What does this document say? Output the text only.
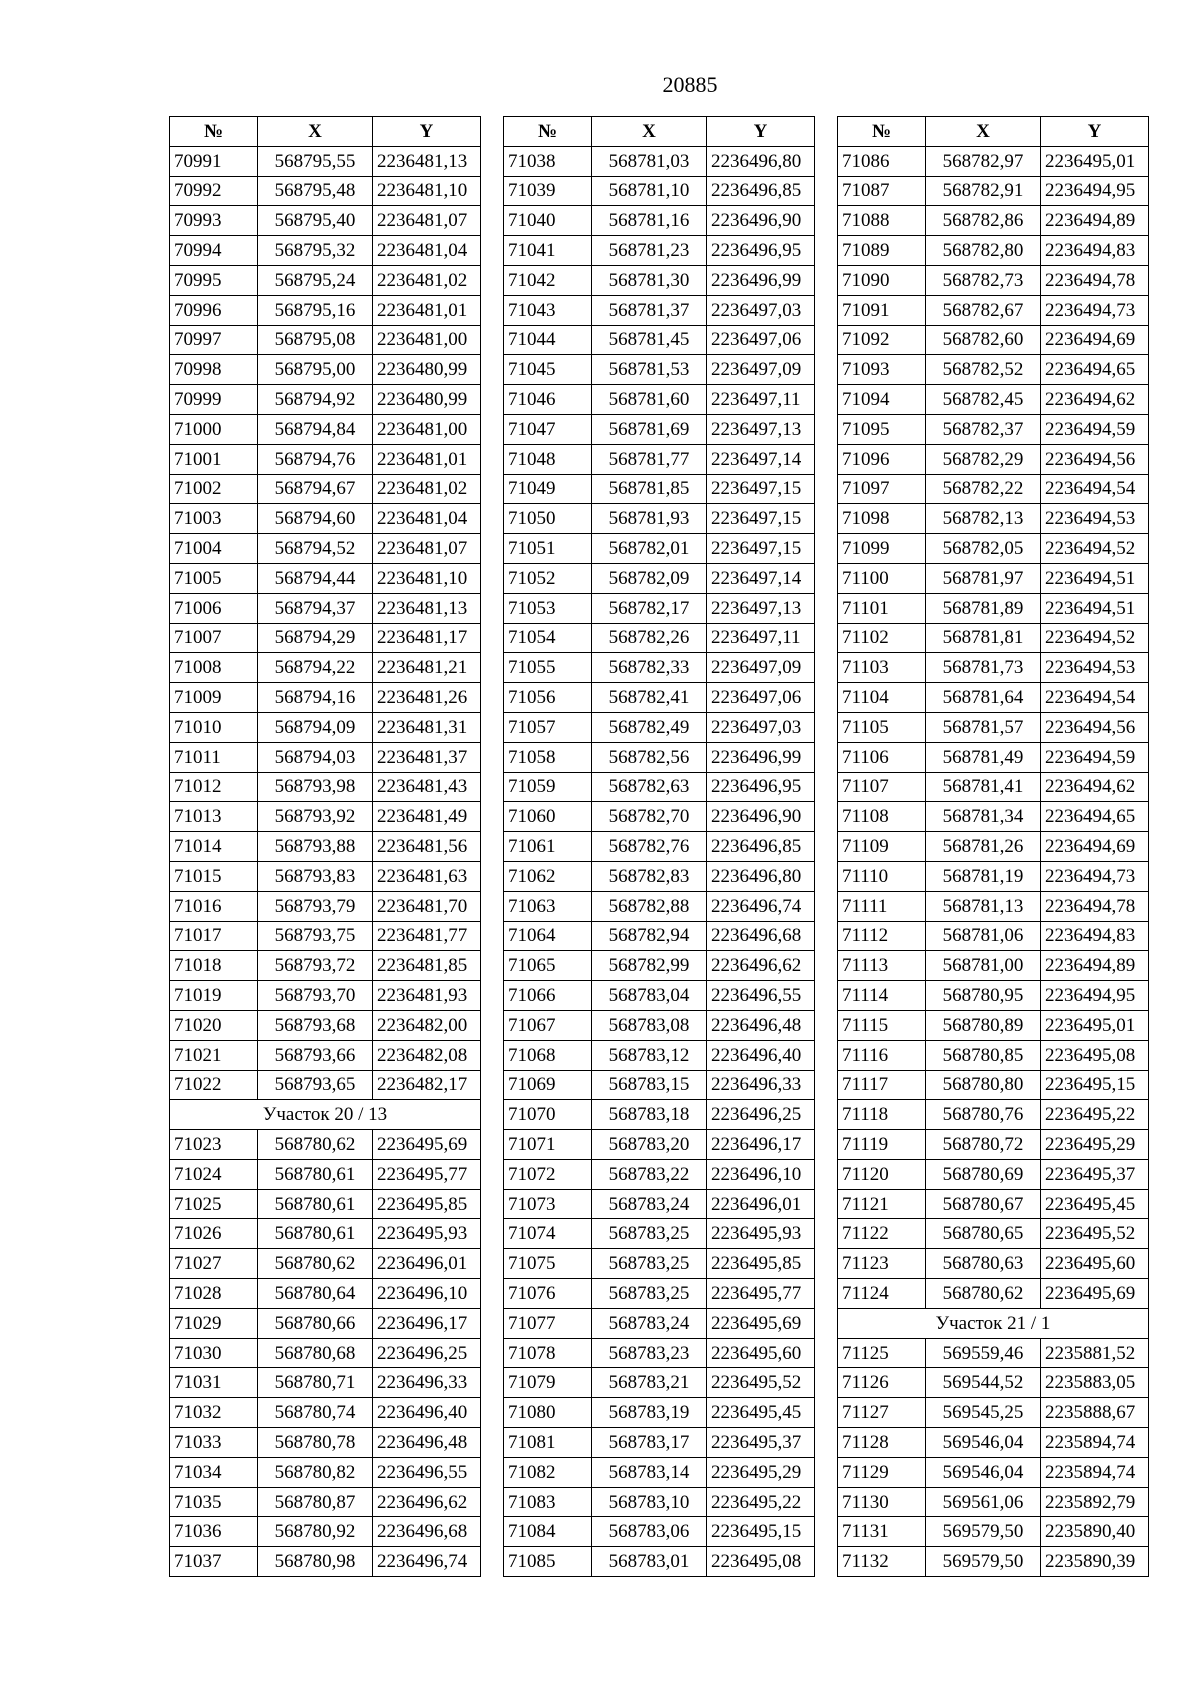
20885
№	X	Y
70991	568795,55	2236481,13
70992	568795,48	2236481,10
70993	568795,40	2236481,07
70994	568795,32	2236481,04
70995	568795,24	2236481,02
70996	568795,16	2236481,01
70997	568795,08	2236481,00
70998	568795,00	2236480,99
70999	568794,92	2236480,99
71000	568794,84	2236481,00
71001	568794,76	2236481,01
71002	568794,67	2236481,02
71003	568794,60	2236481,04
71004	568794,52	2236481,07
71005	568794,44	2236481,10
71006	568794,37	2236481,13
71007	568794,29	2236481,17
71008	568794,22	2236481,21
71009	568794,16	2236481,26
71010	568794,09	2236481,31
71011	568794,03	2236481,37
71012	568793,98	2236481,43
71013	568793,92	2236481,49
71014	568793,88	2236481,56
71015	568793,83	2236481,63
71016	568793,79	2236481,70
71017	568793,75	2236481,77
71018	568793,72	2236481,85
71019	568793,70	2236481,93
71020	568793,68	2236482,00
71021	568793,66	2236482,08
71022	568793,65	2236482,17
Участок 20 / 13		
71023	568780,62	2236495,69
71024	568780,61	2236495,77
71025	568780,61	2236495,85
71026	568780,61	2236495,93
71027	568780,62	2236496,01
71028	568780,64	2236496,10
71029	568780,66	2236496,17
71030	568780,68	2236496,25
71031	568780,71	2236496,33
71032	568780,74	2236496,40
71033	568780,78	2236496,48
71034	568780,82	2236496,55
71035	568780,87	2236496,62
71036	568780,92	2236496,68
71037	568780,98	2236496,74
№	X	Y
71038	568781,03	2236496,80
71039	568781,10	2236496,85
71040	568781,16	2236496,90
71041	568781,23	2236496,95
71042	568781,30	2236496,99
71043	568781,37	2236497,03
71044	568781,45	2236497,06
71045	568781,53	2236497,09
71046	568781,60	2236497,11
71047	568781,69	2236497,13
71048	568781,77	2236497,14
71049	568781,85	2236497,15
71050	568781,93	2236497,15
71051	568782,01	2236497,15
71052	568782,09	2236497,14
71053	568782,17	2236497,13
71054	568782,26	2236497,11
71055	568782,33	2236497,09
71056	568782,41	2236497,06
71057	568782,49	2236497,03
71058	568782,56	2236496,99
71059	568782,63	2236496,95
71060	568782,70	2236496,90
71061	568782,76	2236496,85
71062	568782,83	2236496,80
71063	568782,88	2236496,74
71064	568782,94	2236496,68
71065	568782,99	2236496,62
71066	568783,04	2236496,55
71067	568783,08	2236496,48
71068	568783,12	2236496,40
71069	568783,15	2236496,33
71070	568783,18	2236496,25
71071	568783,20	2236496,17
71072	568783,22	2236496,10
71073	568783,24	2236496,01
71074	568783,25	2236495,93
71075	568783,25	2236495,85
71076	568783,25	2236495,77
71077	568783,24	2236495,69
71078	568783,23	2236495,60
71079	568783,21	2236495,52
71080	568783,19	2236495,45
71081	568783,17	2236495,37
71082	568783,14	2236495,29
71083	568783,10	2236495,22
71084	568783,06	2236495,15
71085	568783,01	2236495,08
№	X	Y
71086	568782,97	2236495,01
71087	568782,91	2236494,95
71088	568782,86	2236494,89
71089	568782,80	2236494,83
71090	568782,73	2236494,78
71091	568782,67	2236494,73
71092	568782,60	2236494,69
71093	568782,52	2236494,65
71094	568782,45	2236494,62
71095	568782,37	2236494,59
71096	568782,29	2236494,56
71097	568782,22	2236494,54
71098	568782,13	2236494,53
71099	568782,05	2236494,52
71100	568781,97	2236494,51
71101	568781,89	2236494,51
71102	568781,81	2236494,52
71103	568781,73	2236494,53
71104	568781,64	2236494,54
71105	568781,57	2236494,56
71106	568781,49	2236494,59
71107	568781,41	2236494,62
71108	568781,34	2236494,65
71109	568781,26	2236494,69
71110	568781,19	2236494,73
71111	568781,13	2236494,78
71112	568781,06	2236494,83
71113	568781,00	2236494,89
71114	568780,95	2236494,95
71115	568780,89	2236495,01
71116	568780,85	2236495,08
71117	568780,80	2236495,15
71118	568780,76	2236495,22
71119	568780,72	2236495,29
71120	568780,69	2236495,37
71121	568780,67	2236495,45
71122	568780,65	2236495,52
71123	568780,63	2236495,60
71124	568780,62	2236495,69
Участок 21 / 1		
71125	569559,46	2235881,52
71126	569544,52	2235883,05
71127	569545,25	2235888,67
71128	569546,04	2235894,74
71129	569546,04	2235894,74
71130	569561,06	2235892,79
71131	569579,50	2235890,40
71132	569579,50	2235890,39
